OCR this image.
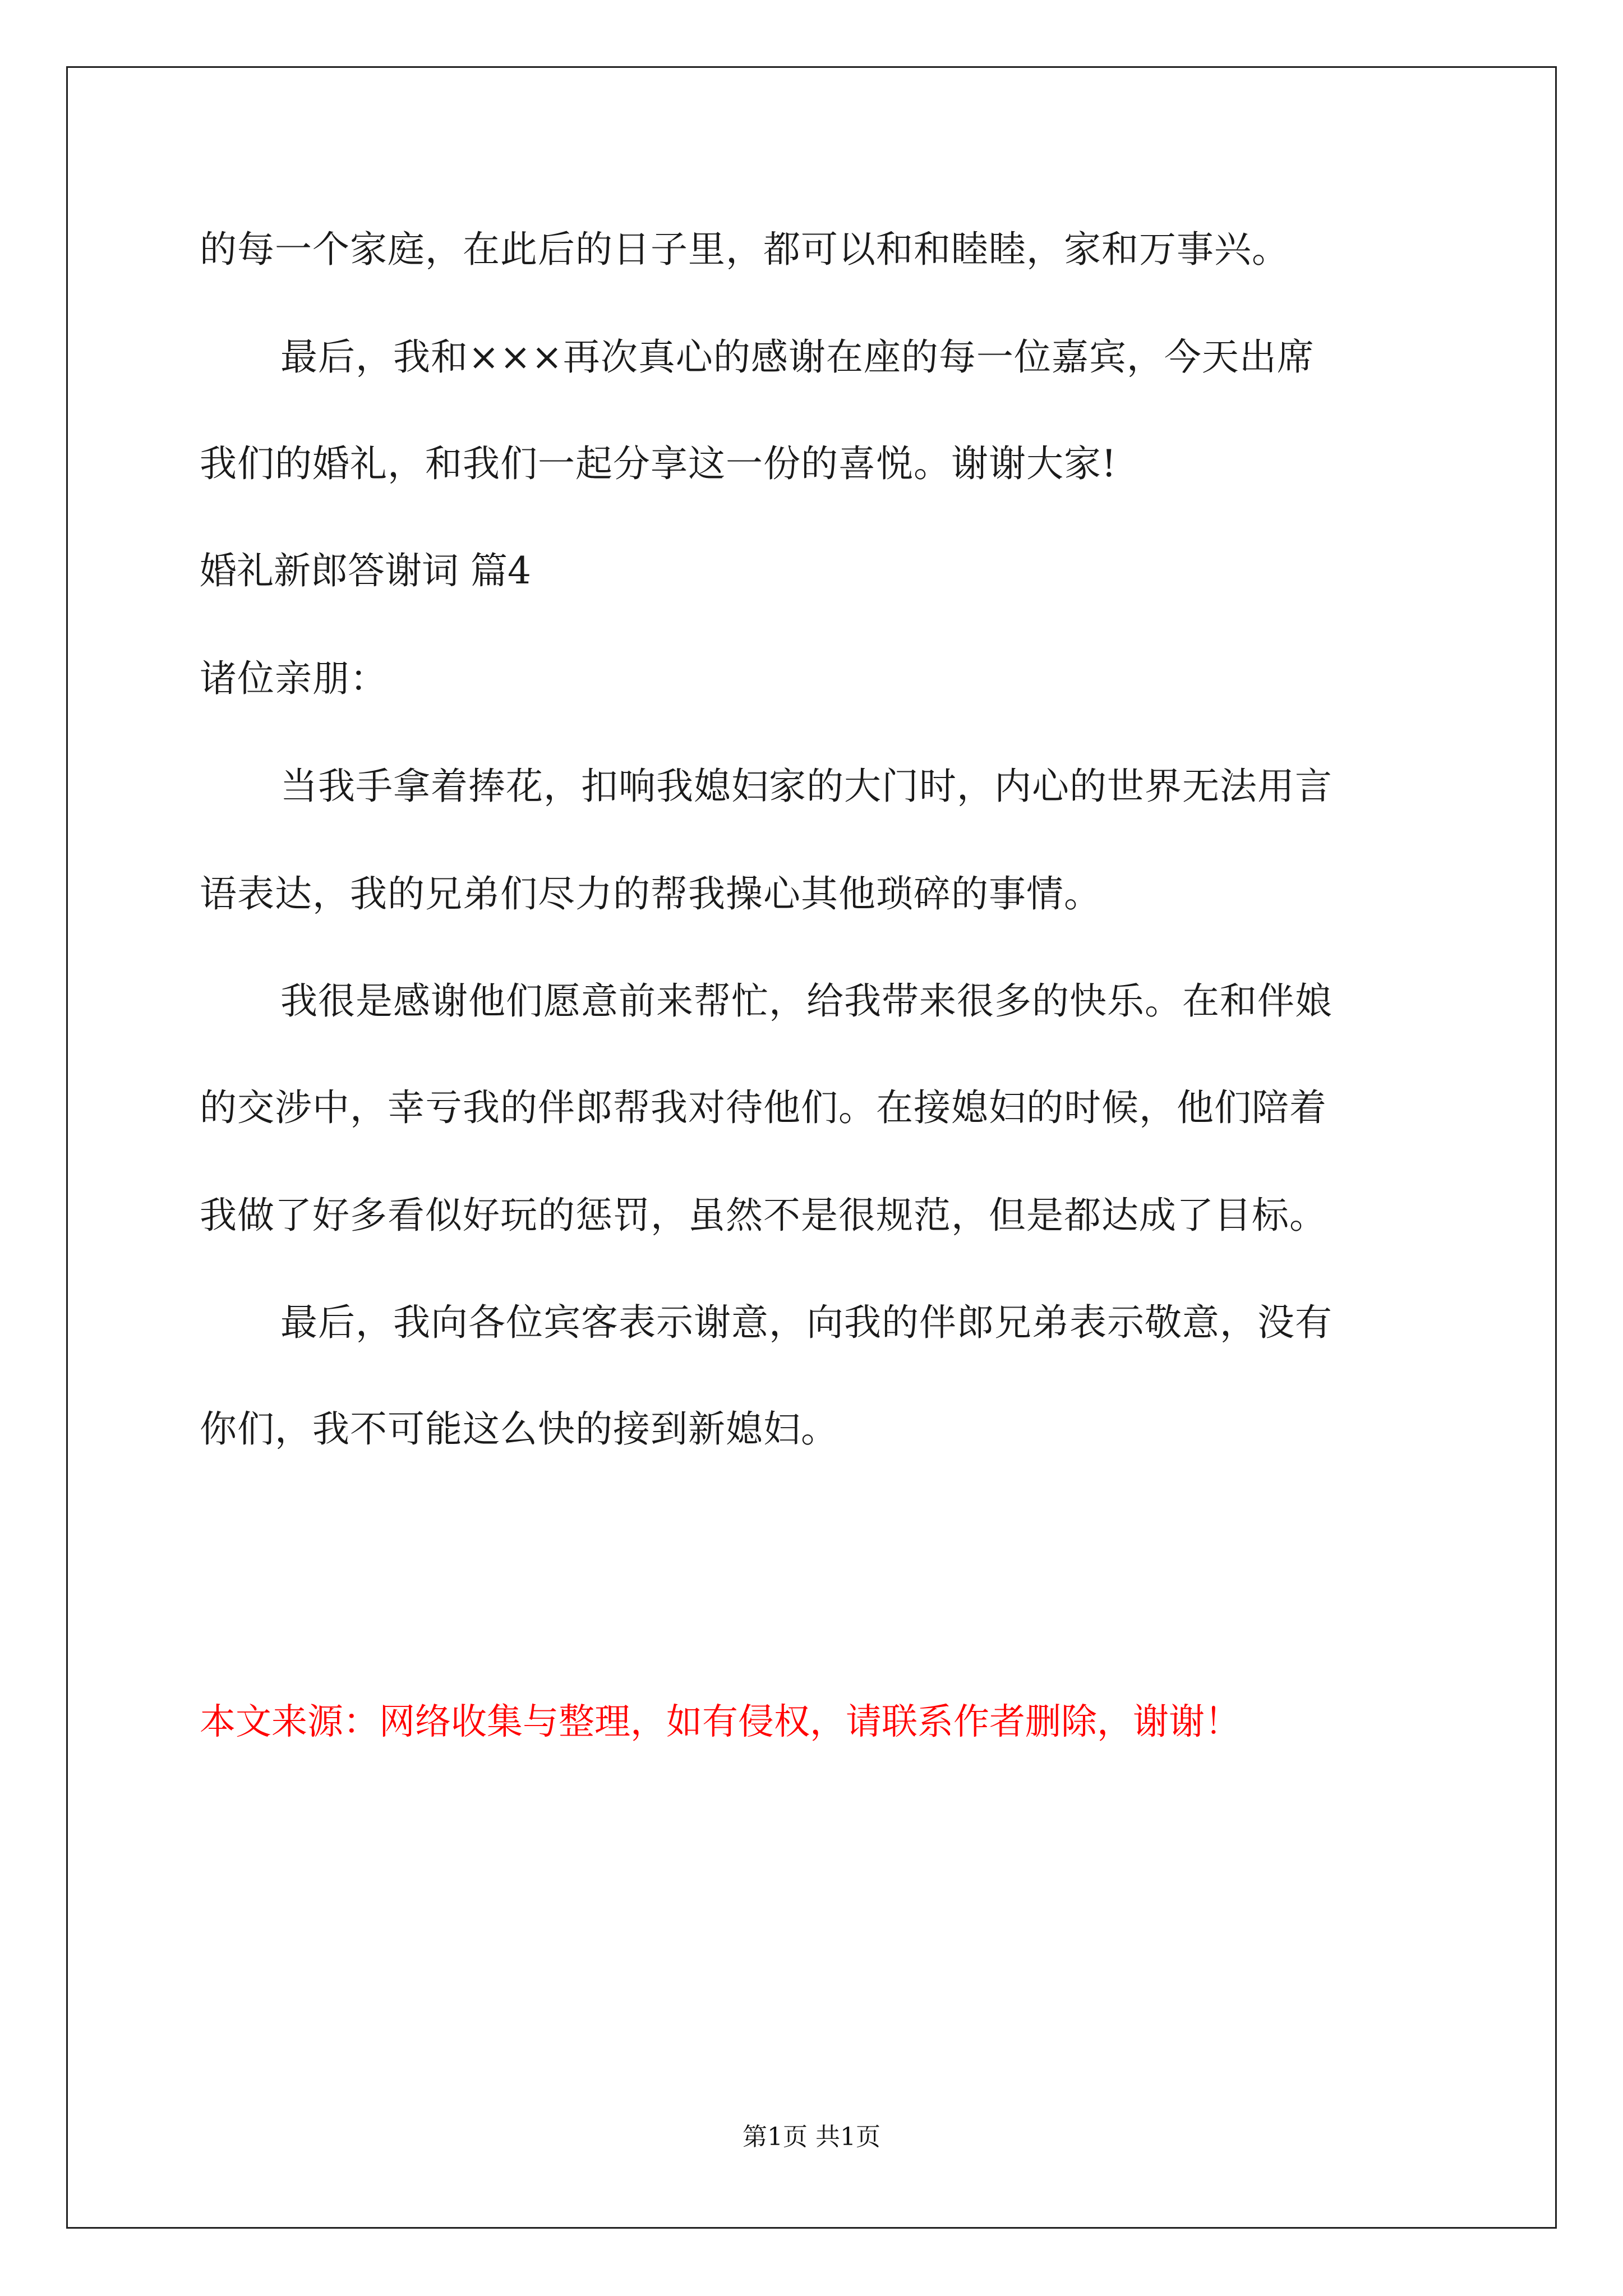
的每一个家庭，在此后的日子里，都可以和和睦睦，家和万事兴。
最后，我和×××再次真心的感谢在座的每一位嘉宾，今天出席
我们的婚礼，和我们一起分享这一份的喜悦。谢谢大家!
婚礼新郎答谢词 篇4
诸位亲朋：
当我手拿着捧花，扣响我媳妇家的大门时，内心的世界无法用言
语表达，我的兄弟们尽力的帮我操心其他琐碎的事情。
我很是感谢他们愿意前来帮忙，给我带来很多的快乐。在和伴娘
的交涉中，幸亏我的伴郎帮我对待他们。在接媳妇的时候，他们陪着
我做了好多看似好玩的惩罚，虽然不是很规范，但是都达成了目标。
最后，我向各位宾客表示谢意，向我的伴郎兄弟表示敬意，没有
你们，我不可能这么快的接到新媳妇。
本文来源：网络收集与整理，如有侵权，请联系作者删除，谢谢！
第1页 共1页
